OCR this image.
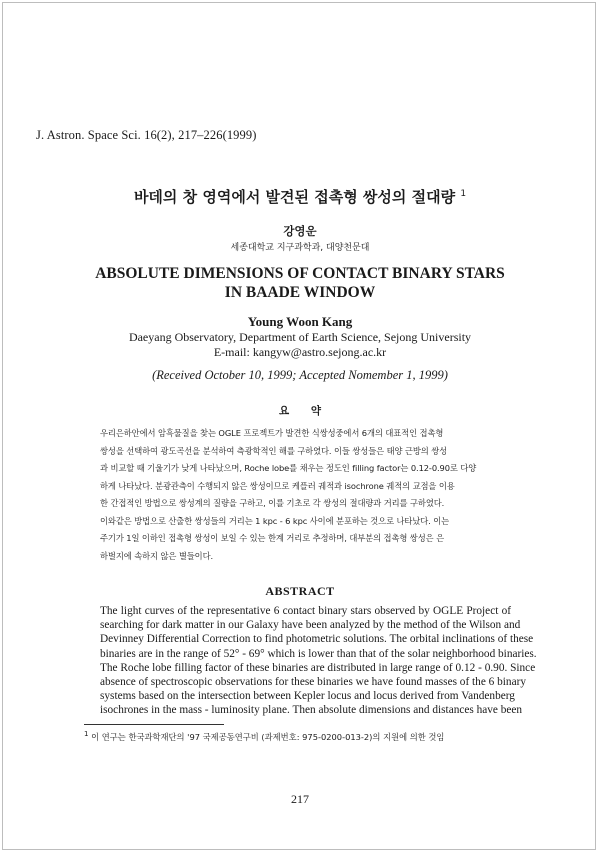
J. Astron. Space Sci. 16(2), 217–226(1999)
바데의 창 영역에서 발견된 접촉형 쌍성의 절대량 $^1$
강영운
세종대학교 지구과학과, 대양천문대
ABSOLUTE DIMENSIONS OF CONTACT BINARY STARS
IN BAADE WINDOW
Young Woon Kang
Daeyang Observatory, Department of Earth Science, Sejong University
E-mail: kangyw@astro.sejong.ac.kr
(Received October 10, 1999; Accepted Nomember 1, 1999)
요 약
우리은하안에서 암흑물질을 찾는 OGLE 프로젝트가 발견한 식쌍성중에서 6개의 대표적인 접촉형
쌍성을 선택하여 광도곡선을 분석하여 측광학적인 해를 구하였다. 이들 쌍성들은 태양 근방의 쌍성
과 비교할 때 기울기가 낮게 나타났으며, Roche lobe를 채우는 정도인 filling factor는 0.12-0.90로 다양
하게 나타났다. 분광관측이 수행되지 않은 쌍성이므로 케플러 궤적과 isochrone 궤적의 교점을 이용
한 간접적인 방법으로 쌍성계의 질량을 구하고, 이를 기초로 각 쌍성의 절대량과 거리를 구하였다.
이와같은 방법으로 산출한 쌍성들의 거리는 1 kpc - 6 kpc 사이에 분포하는 것으로 나타났다. 이는
주기가 1일 이하인 접촉형 쌍성이 보일 수 있는 한계 거리로 추정하며, 대부분의 접촉형 쌍성은 은
하벌지에 속하지 않은 별들이다.
ABSTRACT
The light curves of the representative 6 contact binary stars observed by OGLE Project of
searching for dark matter in our Galaxy have been analyzed by the method of the Wilson and
Devinney Differential Correction to find photometric solutions. The orbital inclinations of these
binaries are in the range of 52° - 69° which is lower than that of the solar neighborhood binaries.
The Roche lobe filling factor of these binaries are distributed in large range of 0.12 - 0.90. Since
absence of spectroscopic observations for these binaries we have found masses of the 6 binary
systems based on the intersection between Kepler locus and locus derived from Vandenberg
isochrones in the mass - luminosity plane. Then absolute dimensions and distances have been
$^1$ 이 연구는 한국과학재단의 '97 국제공동연구비 (과제번호: 975-0200-013-2)의 지원에 의한 것임
217
